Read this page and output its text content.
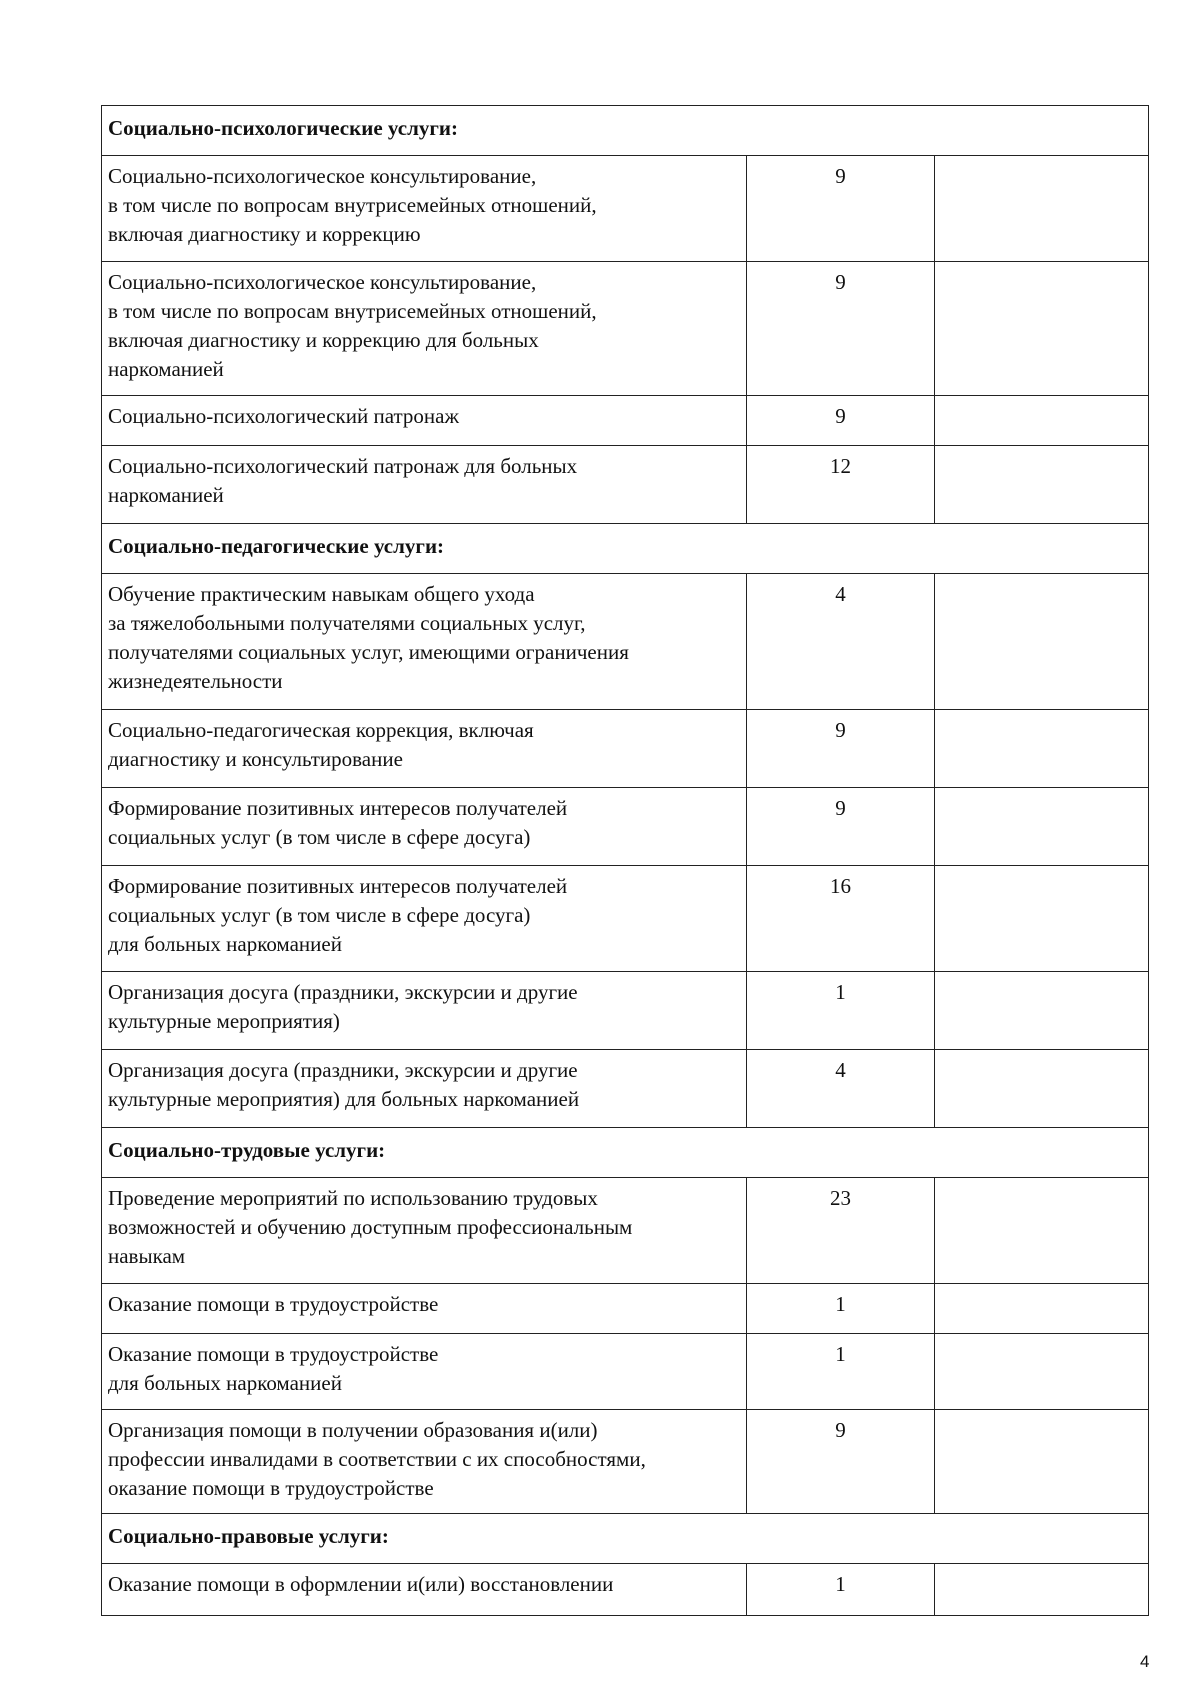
Социально-психологические услуги:		

Социально-психологическое консультирование,
в том числе по вопросам внутрисемейных отношений,
включая диагностику и коррекцию	9	

Социально-психологическое консультирование,
в том числе по вопросам внутрисемейных отношений,
включая диагностику и коррекцию для больных
наркоманией	9	

Социально-психологический патронаж	9	

Социально-психологический патронаж для больных
наркоманией	12	
Социально-педагогические услуги:		

Обучение практическим навыкам общего ухода
за тяжелобольными получателями социальных услуг,
получателями социальных услуг, имеющими ограничения
жизнедеятельности	4	

Социально-педагогическая коррекция, включая
диагностику и консультирование	9	

Формирование позитивных интересов получателей
социальных услуг (в том числе в сфере досуга)	9	

Формирование позитивных интересов получателей
социальных услуг (в том числе в сфере досуга)
для больных наркоманией	16	

Организация досуга (праздники, экскурсии и другие
культурные мероприятия)	1	

Организация досуга (праздники, экскурсии и другие
культурные мероприятия) для больных наркоманией	4	
Социально-трудовые услуги:		

Проведение мероприятий по использованию трудовых
возможностей и обучению доступным профессиональным
навыкам	23	

Оказание помощи в трудоустройстве	1	

Оказание помощи в трудоустройстве
для больных наркоманией	1	

Организация помощи в получении образования и(или)
профессии инвалидами в соответствии с их способностями,
оказание помощи в трудоустройстве	9	
Социально-правовые услуги:		

Оказание помощи в оформлении и(или) восстановлении	1	
4
